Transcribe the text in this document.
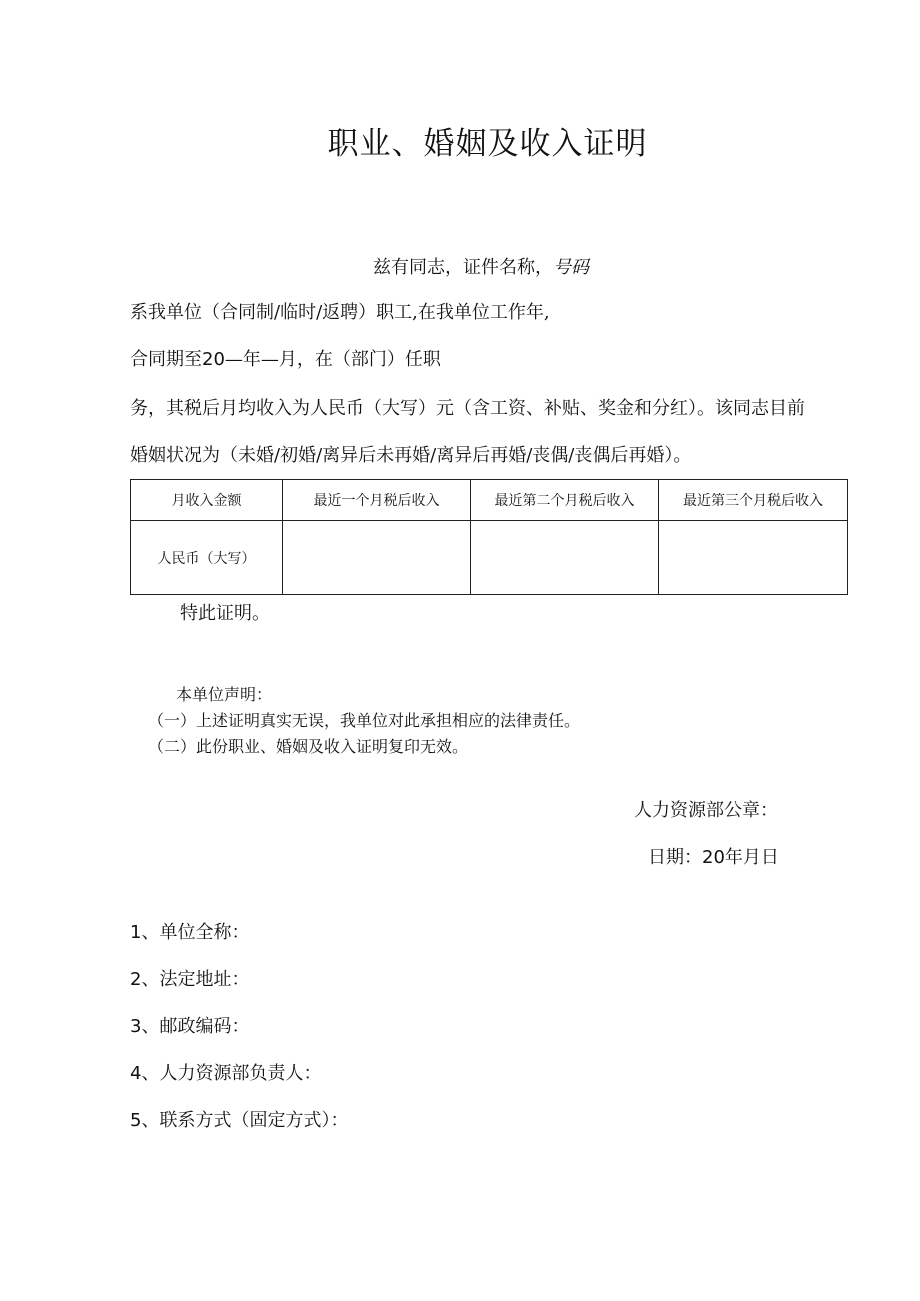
职业、婚姻及收入证明
兹有同志，证件名称，号码
系我单位（合同制/临时/返聘）职工,在我单位工作年,
合同期至20—年—月，在（部门）任职
务，其税后月均收入为人民币（大写）元（含工资、补贴、奖金和分红）。该同志目前
婚姻状况为（未婚/初婚/离异后未再婚/离异后再婚/丧偶/丧偶后再婚）。
月收入金额	最近一个月税后收入	最近第二个月税后收入	最近第三个月税后收入
人民币（大写）			
特此证明。
本单位声明：
（一）上述证明真实无误，我单位对此承担相应的法律责任。
（二）此份职业、婚姻及收入证明复印无效。
人力资源部公章：
日期：20年月日
1、单位全称：
2、法定地址：
3、邮政编码：
4、人力资源部负责人：
5、联系方式（固定方式）：
